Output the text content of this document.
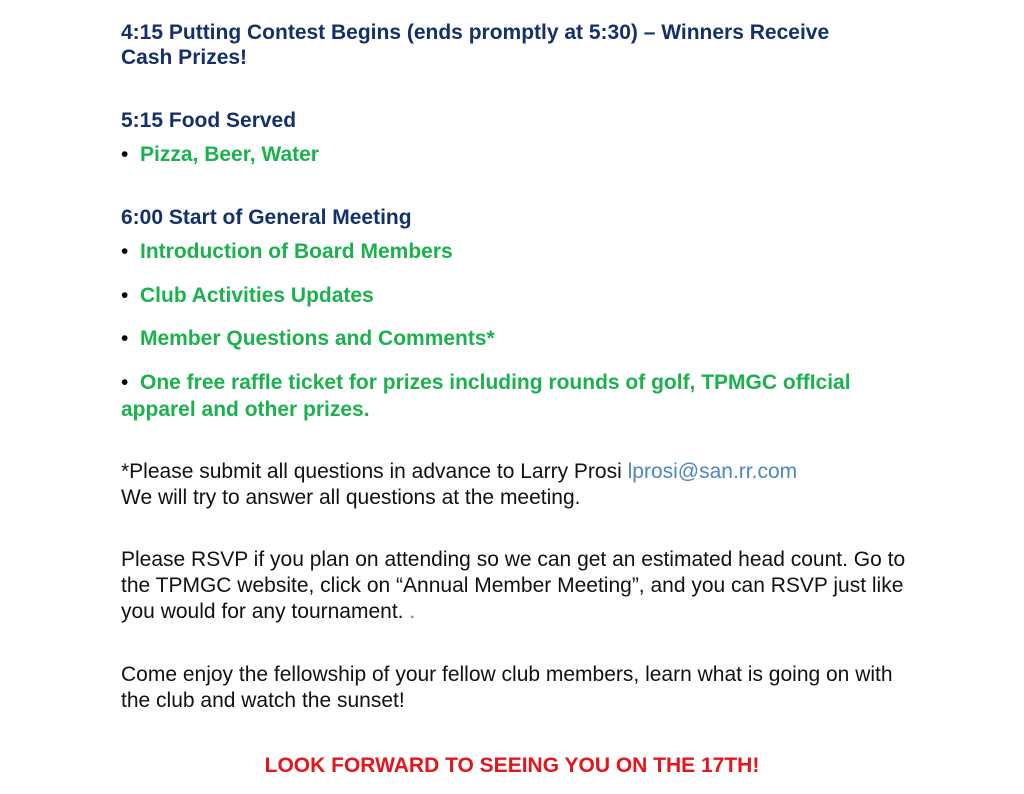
4:15 Putting Contest Begins (ends promptly at 5:30) – Winners Receive Cash Prizes!

5:15 Food Served

• Pizza, Beer, Water

6:00 Start of General Meeting

• Introduction of Board Members
• Club Activities Updates
• Member Questions and Comments*
• One free raffle ticket for prizes including rounds of golf, TPMGC offIcial apparel and other prizes.
*Please submit all questions in advance to Larry Prosi lprosi@san.rr.com
We will try to answer all questions at the meeting.
Please RSVP if you plan on attending so we can get an estimated head count. Go to the TPMGC website, click on “Annual Member Meeting”, and you can RSVP just like you would for any tournament. .
Come enjoy the fellowship of your fellow club members, learn what is going on with the club and watch the sunset!
LOOK FORWARD TO SEEING YOU ON THE 17TH!
